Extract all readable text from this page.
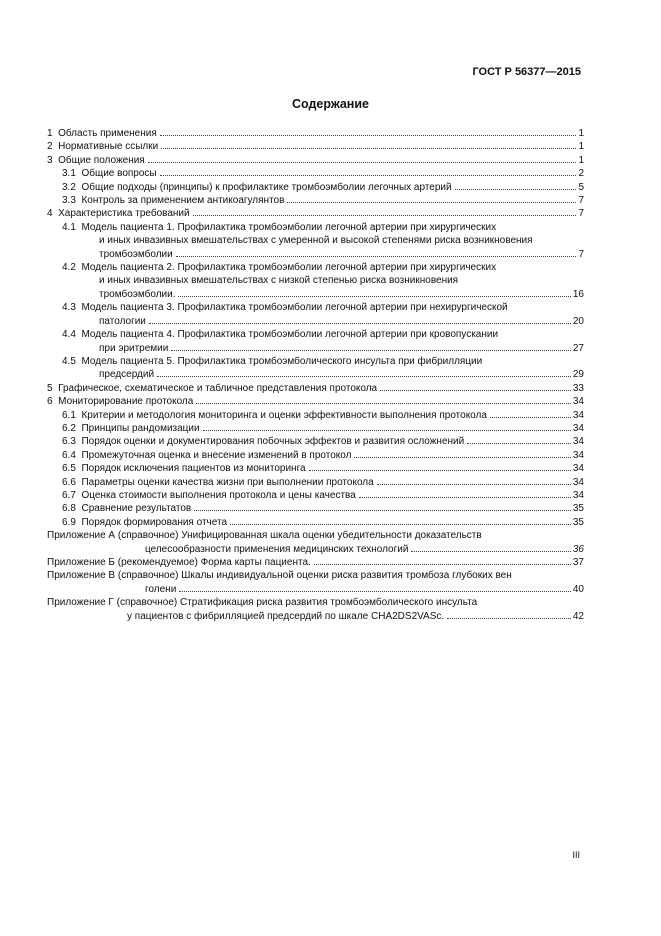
ГОСТ Р 56377—2015
Содержание
1 Область применения	1
2 Нормативные ссылки	1
3 Общие положения	1
3.1 Общие вопросы	2
3.2 Общие подходы (принципы) к профилактике тромбоэмболии легочных артерий	5
3.3 Контроль за применением антикоагулянтов	7
4 Характеристика требований	7
4.1 Модель пациента 1. Профилактика тромбоэмболии легочной артерии при хирургических
и иных инвазивных вмешательствах с умеренной и высокой степенями риска возникновения
тромбоэмболии	7
4.2 Модель пациента 2. Профилактика тромбоэмболии легочной артерии при хирургических
и иных инвазивных вмешательствах с низкой степенью риска возникновения
тромбоэмболии.	16
4.3 Модель пациента 3. Профилактика тромбоэмболии легочной артерии при нехирургической
патологии	20
4.4 Модель пациента 4. Профилактика тромбоэмболии легочной артерии при кровопускании
при эритремии	27
4.5 Модель пациента 5. Профилактика тромбоэмболического инсульта при фибрилляции
предсердий	29
5 Графическое, схематическое и табличное представления протокола	33
6 Мониторирование протокола	34
6.1 Критерии и методология мониторинга и оценки эффективности выполнения протокола	34
6.2 Принципы рандомизации	34
6.3 Порядок оценки и документирования побочных эффектов и развития осложнений	34
6.4 Промежуточная оценка и внесение изменений в протокол	34
6.5 Порядок исключения пациентов из мониторинга	34
6.6 Параметры оценки качества жизни при выполнении протокола	34
6.7 Оценка стоимости выполнения протокола и цены качества	34
6.8 Сравнение результатов	35
6.9 Порядок формирования отчета	35
Приложение А (справочное) Унифицированная шкала оценки убедительности доказательств
целесообразности применения медицинских технологий	36
Приложение Б (рекомендуемое) Форма карты пациента.	37
Приложение В (справочное) Шкалы индивидуальной оценки риска развития тромбоза глубоких вен
голени	40
Приложение Г (справочное) Стратификация риска развития тромбоэмболического инсульта
у пациентов с фибрилляцией предсердий по шкале CHA2DS2VASc.	42
III
